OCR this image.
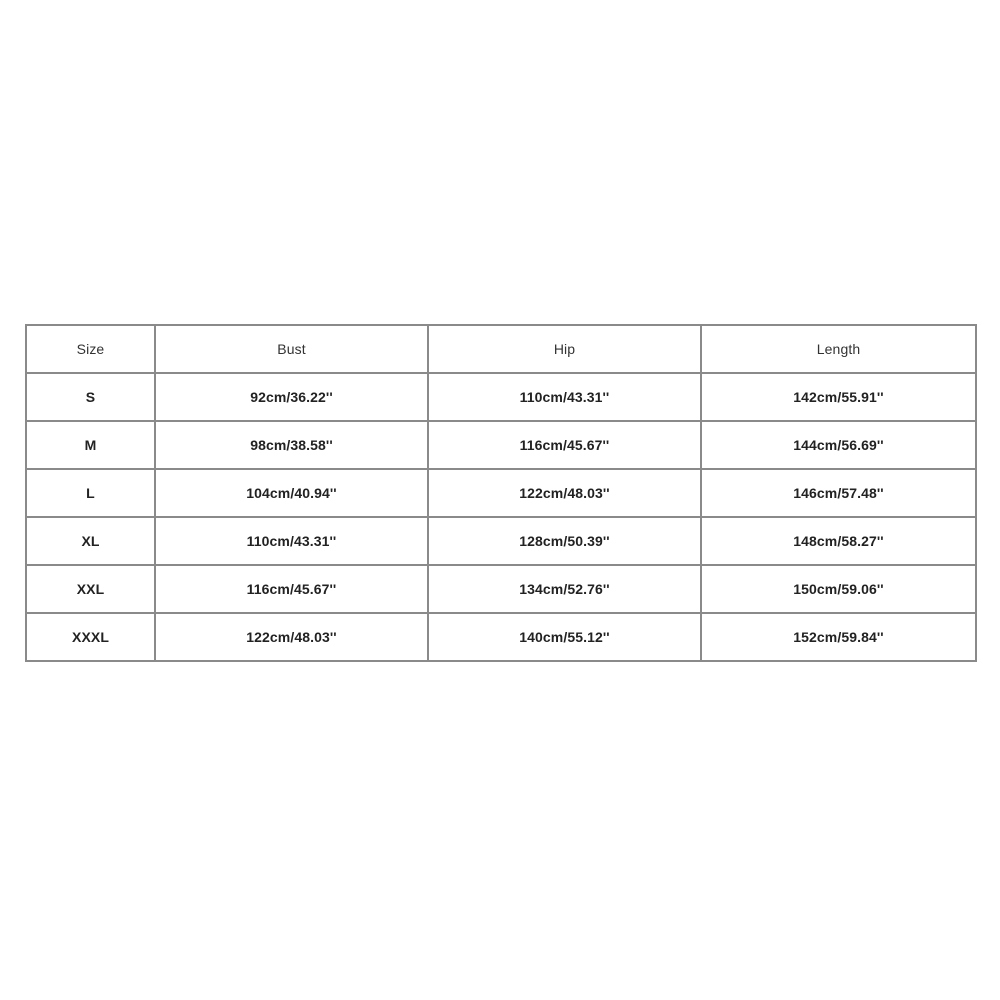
Size	Bust	Hip	Length
S	92cm/36.22''	110cm/43.31''	142cm/55.91''
M	98cm/38.58''	116cm/45.67''	144cm/56.69''
L	104cm/40.94''	122cm/48.03''	146cm/57.48''
XL	110cm/43.31''	128cm/50.39''	148cm/58.27''
XXL	116cm/45.67''	134cm/52.76''	150cm/59.06''
XXXL	122cm/48.03''	140cm/55.12''	152cm/59.84''
